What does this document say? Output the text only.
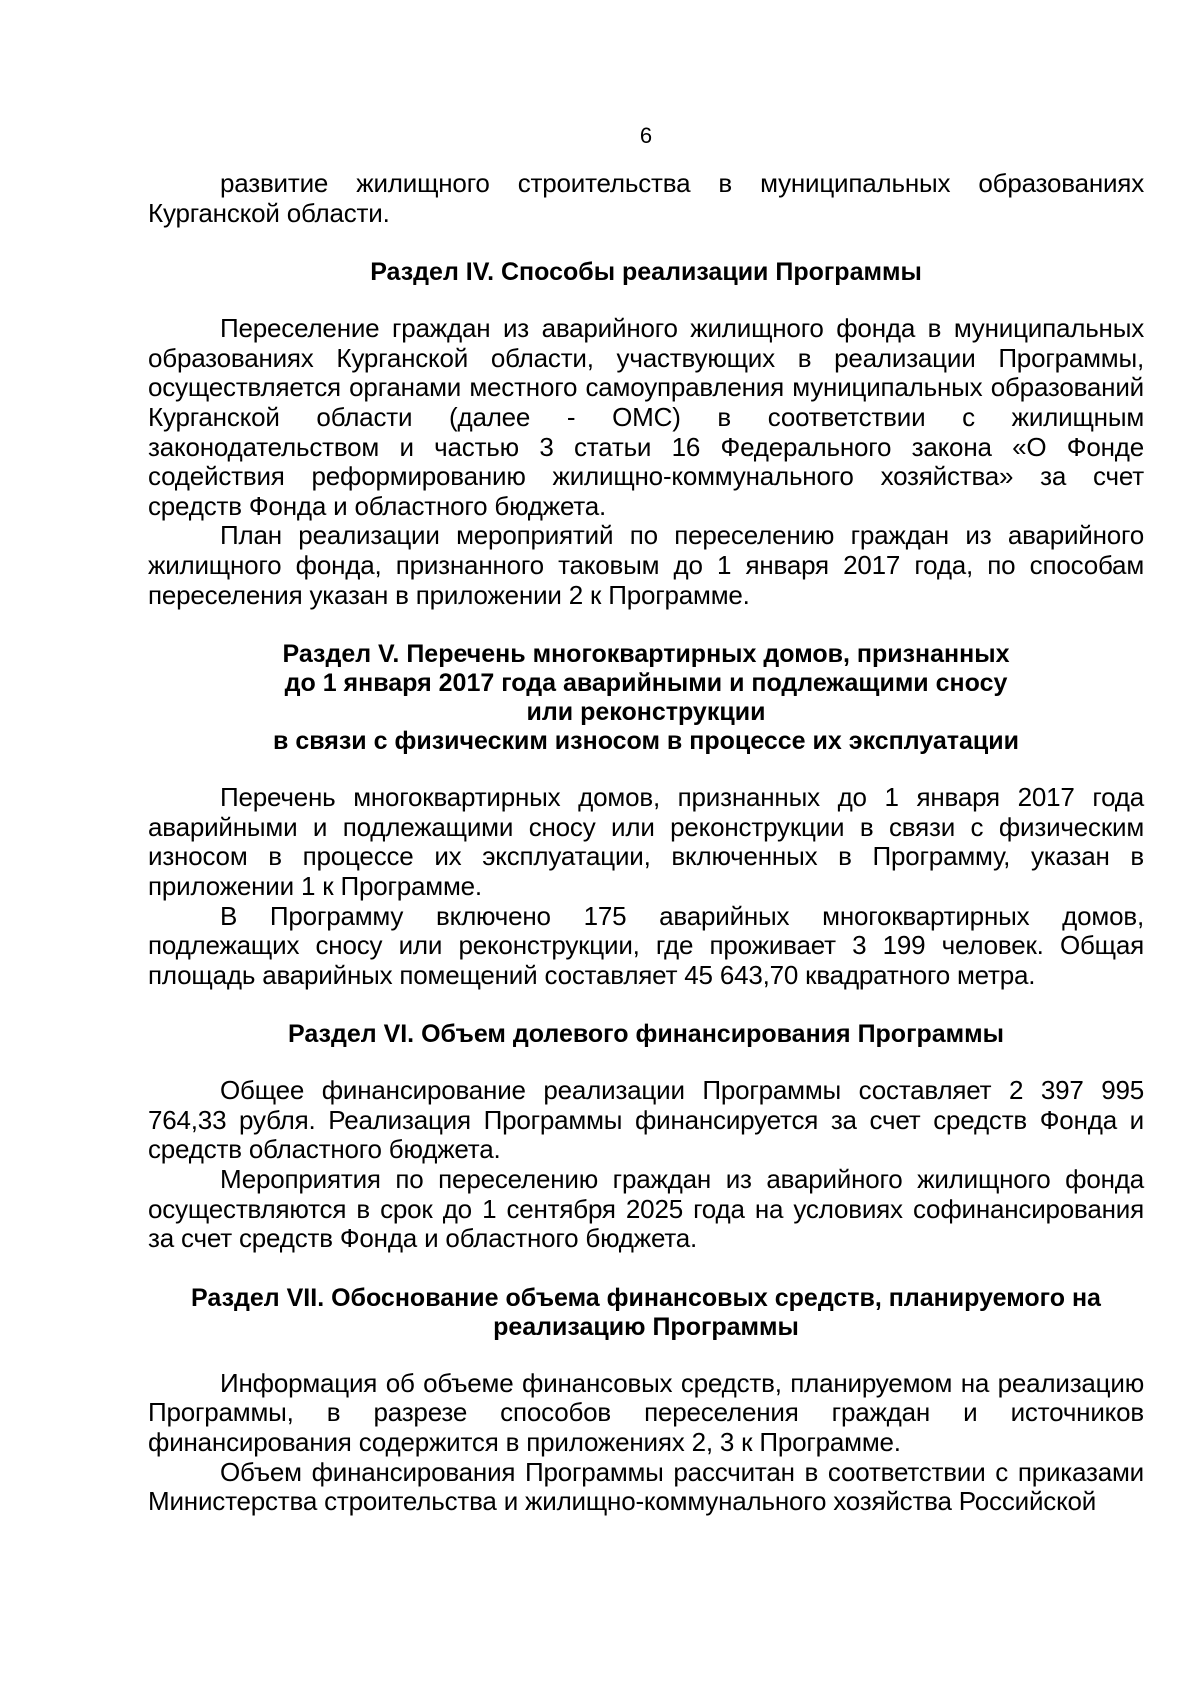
6

развитие жилищного строительства в муниципальных образованиях Курганской области.

Раздел IV. Способы реализации Программы

Переселение граждан из аварийного жилищного фонда в муниципальных образованиях Курганской области, участвующих в реализации Программы, осуществляется органами местного самоуправления муниципальных образований Курганской области (далее - ОМС) в соответствии с жилищным законодательством и частью 3 статьи 16 Федерального закона «О Фонде содействия реформированию жилищно-коммунального хозяйства» за счет средств Фонда и областного бюджета.

План реализации мероприятий по переселению граждан из аварийного жилищного фонда, признанного таковым до 1 января 2017 года, по способам переселения указан в приложении 2 к Программе.

Раздел V. Перечень многоквартирных домов, признанных
до 1 января 2017 года аварийными и подлежащими сносу
или реконструкции
в связи с физическим износом в процессе их эксплуатации

Перечень многоквартирных домов, признанных до 1 января 2017 года аварийными и подлежащими сносу или реконструкции в связи с физическим износом в процессе их эксплуатации, включенных в Программу, указан в приложении 1 к Программе.

В Программу включено 175 аварийных многоквартирных домов, подлежащих сносу или реконструкции, где проживает 3 199 человек. Общая площадь аварийных помещений составляет 45 643,70 квадратного метра.

Раздел VI. Объем долевого финансирования Программы

Общее финансирование реализации Программы составляет 2 397 995 764,33 рубля. Реализация Программы финансируется за счет средств Фонда и средств областного бюджета.

Мероприятия по переселению граждан из аварийного жилищного фонда осуществляются в срок до 1 сентября 2025 года на условиях софинансирования за счет средств Фонда и областного бюджета.

Раздел VII. Обоснование объема финансовых средств, планируемого на
реализацию Программы

Информация об объеме финансовых средств, планируемом на реализацию Программы, в разрезе способов переселения граждан и источников финансирования содержится в приложениях 2, 3 к Программе.

Объем финансирования Программы рассчитан в соответствии с приказами Министерства строительства и жилищно-коммунального хозяйства Российской
